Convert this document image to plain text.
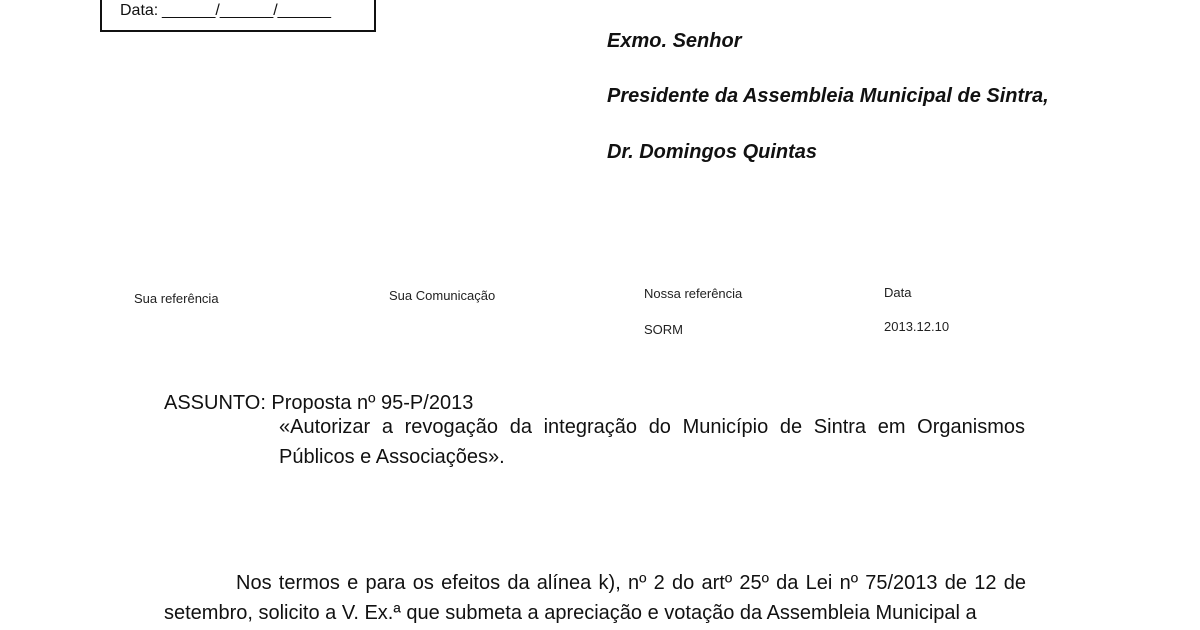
Data: ______/______/______
Exmo. Senhor
Presidente da Assembleia Municipal de Sintra,
Dr. Domingos Quintas
Sua referência	Sua Comunicação	Nossa referência
SORM
Data
2013.12.10
ASSUNTO: Proposta nº 95-P/2013
«Autorizar a revogação da integração do Município de Sintra em Organismos Públicos e Associações».
Nos termos e para os efeitos da alínea k), nº 2 do artº 25º da Lei nº 75/2013 de 12 de setembro, solicito a V. Ex.ª que submeta a apreciação e votação da Assembleia Municipal a
